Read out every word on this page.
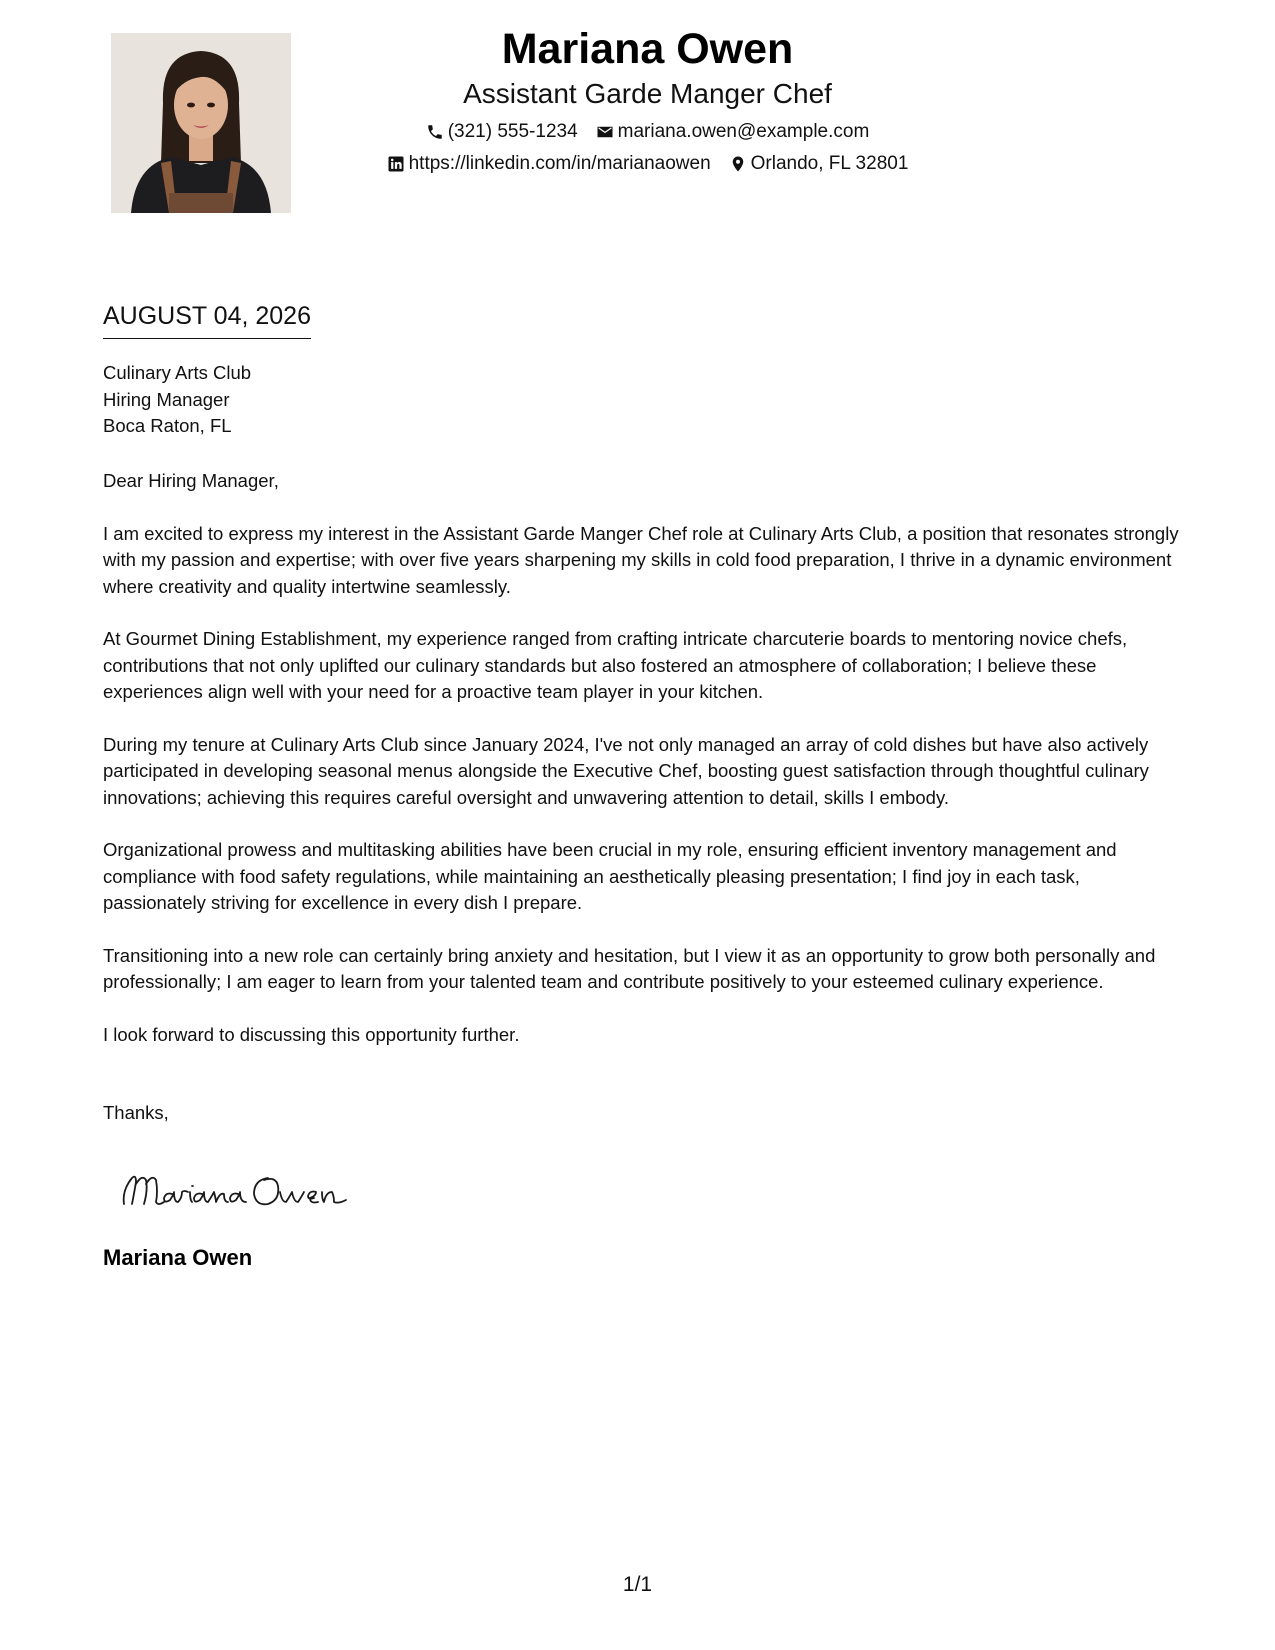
Mariana Owen
Assistant Garde Manger Chef
(321) 555-1234 mariana.owen@example.com
https://linkedin.com/in/marianaowen Orlando, FL 32801
AUGUST 04, 2026
Culinary Arts Club
Hiring Manager
Boca Raton, FL

Dear Hiring Manager,

I am excited to express my interest in the Assistant Garde Manger Chef role at Culinary Arts Club, a position that resonates strongly with my passion and expertise; with over five years sharpening my skills in cold food preparation, I thrive in a dynamic environment where creativity and quality intertwine seamlessly.

At Gourmet Dining Establishment, my experience ranged from crafting intricate charcuterie boards to mentoring novice chefs, contributions that not only uplifted our culinary standards but also fostered an atmosphere of collaboration; I believe these experiences align well with your need for a proactive team player in your kitchen.

During my tenure at Culinary Arts Club since January 2024, I've not only managed an array of cold dishes but have also actively participated in developing seasonal menus alongside the Executive Chef, boosting guest satisfaction through thoughtful culinary innovations; achieving this requires careful oversight and unwavering attention to detail, skills I embody.

Organizational prowess and multitasking abilities have been crucial in my role, ensuring efficient inventory management and compliance with food safety regulations, while maintaining an aesthetically pleasing presentation; I find joy in each task, passionately striving for excellence in every dish I prepare.

Transitioning into a new role can certainly bring anxiety and hesitation, but I view it as an opportunity to grow both personally and professionally; I am eager to learn from your talented team and contribute positively to your esteemed culinary experience.

I look forward to discussing this opportunity further.

Thanks,
Mariana Owen
1/1
